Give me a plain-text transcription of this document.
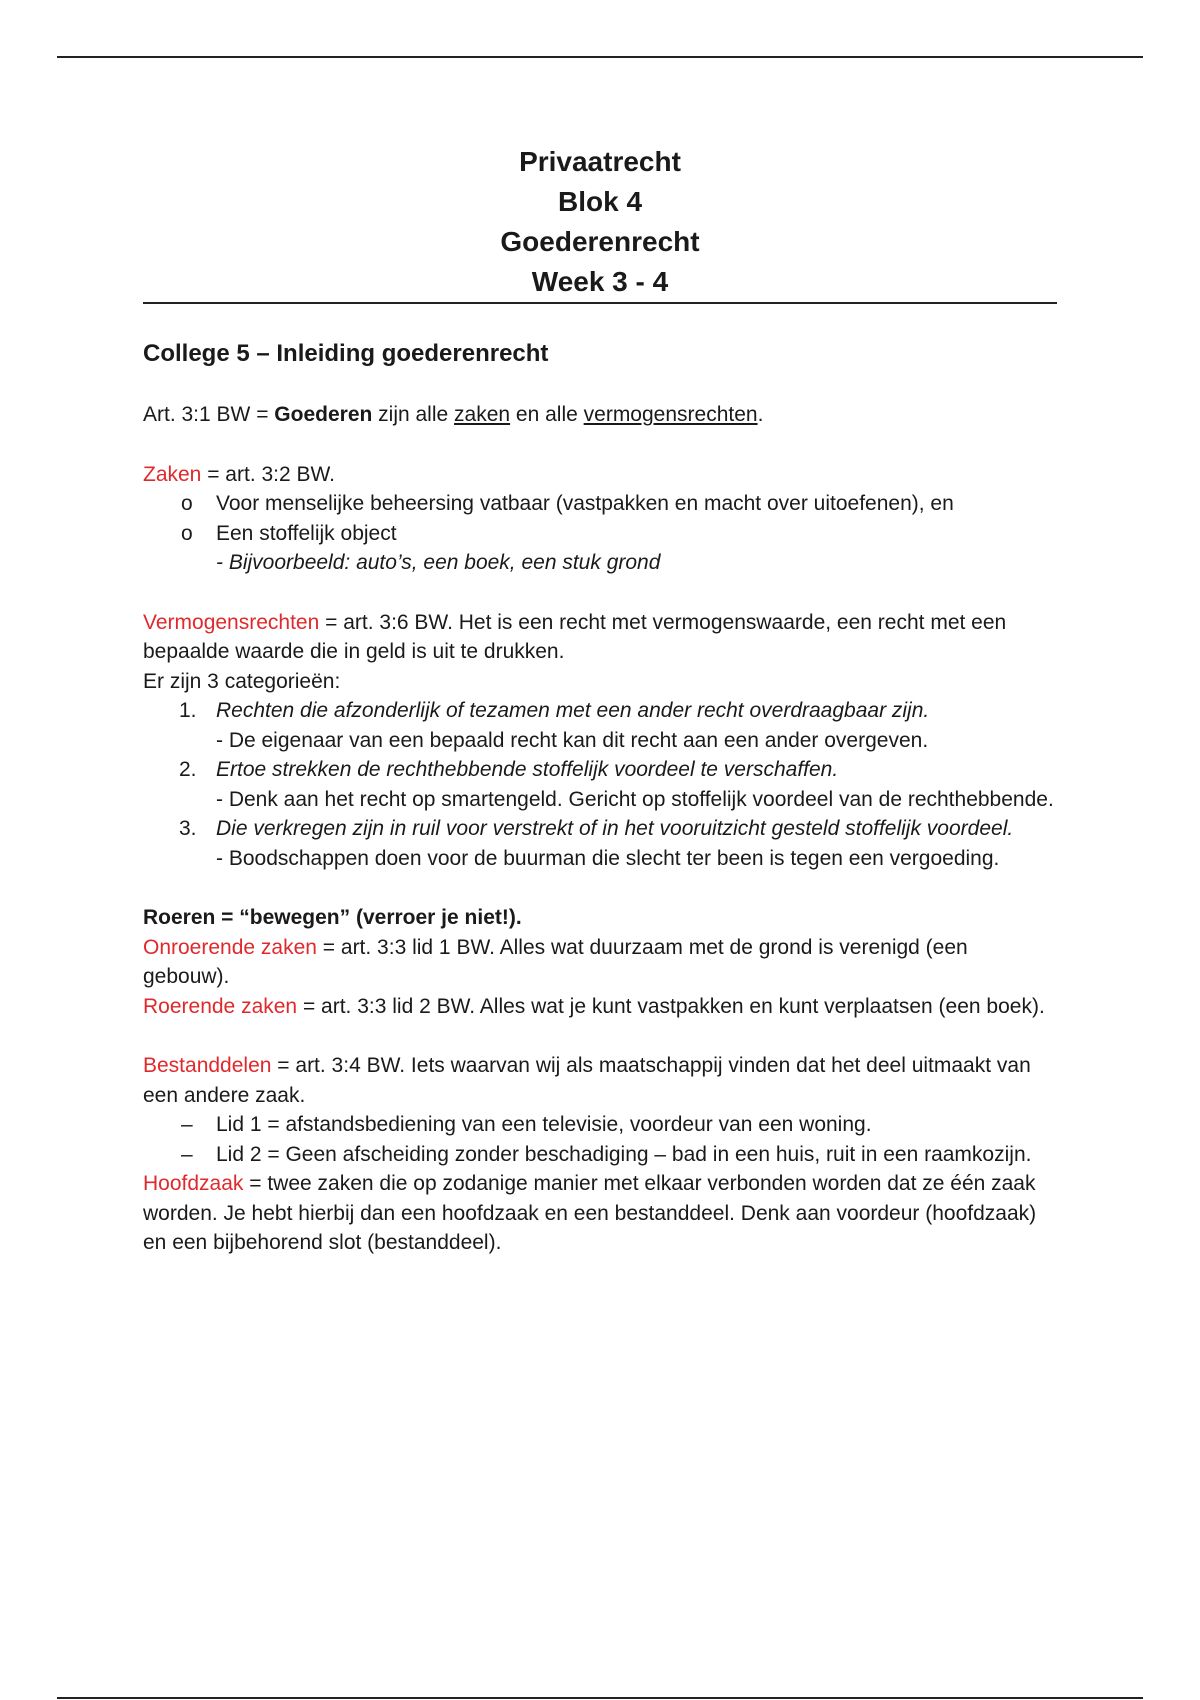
Privaatrecht
Blok 4
Goederenrecht
Week 3 - 4
College 5 – Inleiding goederenrecht

Art. 3:1 BW = Goederen zijn alle zaken en alle vermogensrechten.

Zaken = art. 3:2 BW.

o Voor menselijke beheersing vatbaar (vastpakken en macht over uitoefenen), en
o Een stoffelijk object
- Bijvoorbeeld: auto’s, een boek, een stuk grond

Vermogensrechten = art. 3:6 BW. Het is een recht met vermogenswaarde, een recht met een bepaalde waarde die in geld is uit te drukken.

Er zijn 3 categorieën:

1. Rechten die afzonderlijk of tezamen met een ander recht overdraagbaar zijn.
- De eigenaar van een bepaald recht kan dit recht aan een ander overgeven.
2. Ertoe strekken de rechthebbende stoffelijk voordeel te verschaffen.
- Denk aan het recht op smartengeld. Gericht op stoffelijk voordeel van de rechthebbende.
3. Die verkregen zijn in ruil voor verstrekt of in het vooruitzicht gesteld stoffelijk voordeel.
- Boodschappen doen voor de buurman die slecht ter been is tegen een vergoeding.

Roeren = “bewegen” (verroer je niet!).

Onroerende zaken = art. 3:3 lid 1 BW. Alles wat duurzaam met de grond is verenigd (een gebouw).

Roerende zaken = art. 3:3 lid 2 BW. Alles wat je kunt vastpakken en kunt verplaatsen (een boek).

Bestanddelen = art. 3:4 BW. Iets waarvan wij als maatschappij vinden dat het deel uitmaakt van een andere zaak.

– Lid 1 = afstandsbediening van een televisie, voordeur van een woning.
– Lid 2 = Geen afscheiding zonder beschadiging – bad in een huis, ruit in een raamkozijn.

Hoofdzaak = twee zaken die op zodanige manier met elkaar verbonden worden dat ze één zaak worden. Je hebt hierbij dan een hoofdzaak en een bestanddeel. Denk aan voordeur (hoofdzaak) en een bijbehorend slot (bestanddeel).
